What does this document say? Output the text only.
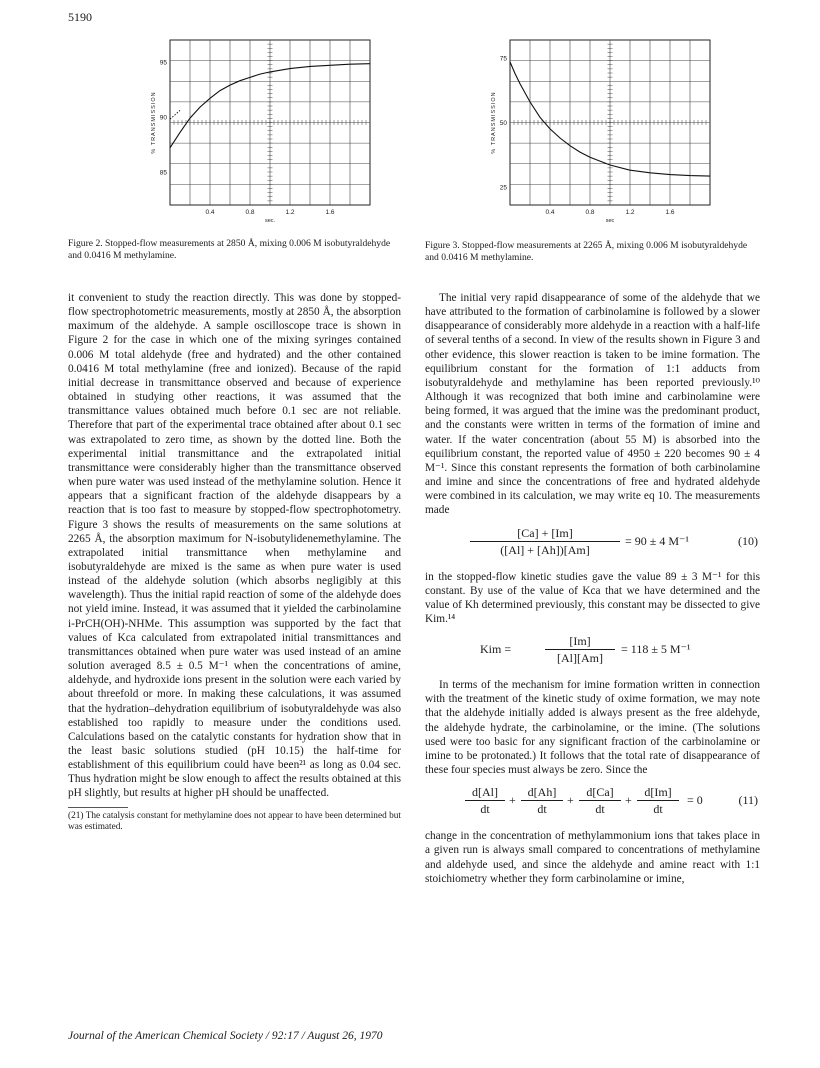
5190
0.4	0.8	1.2	1.6
sec.
95
90
85
% TRANSMISSION
Figure 2. Stopped-flow measurements at 2850 Å, mixing 0.006 M isobutyraldehyde and 0.0416 M methylamine.
0.4	0.8	1.2	1.6
sec
75
50
25
% TRANSMISSION
Figure 3. Stopped-flow measurements at 2265 Å, mixing 0.006 M isobutyraldehyde and 0.0416 M methylamine.

it convenient to study the reaction directly. This was done by stopped-flow spectrophotometric measurements, mostly at 2850 Å, the absorption maximum of the aldehyde. A sample oscilloscope trace is shown in Figure 2 for the case in which one of the mixing syringes contained 0.006 M total aldehyde (free and hydrated) and the other contained 0.0416 M total methylamine (free and ionized). Because of the rapid initial decrease in transmittance observed and because of experience obtained in studying other reactions, it was assumed that the transmittance values obtained much before 0.1 sec are not reliable. Therefore that part of the experimental trace obtained after about 0.1 sec was extrapolated to zero time, as shown by the dotted line. Both the experimental initial transmittance and the extrapolated initial transmittance were considerably higher than the transmittance observed when pure water was used instead of the methylamine solution. Hence it appears that a significant fraction of the aldehyde disappears by a reaction that is too fast to measure by stopped-flow spectrophotometry. Figure 3 shows the results of measurements on the same solutions at 2265 Å, the absorption maximum for N-isobutylidenemethylamine. The extrapolated initial transmittance when methylamine and isobutyraldehyde are mixed is the same as when pure water is used instead of the aldehyde solution (which absorbs negligibly at this wavelength). Thus the initial rapid reaction of some of the aldehyde does not yield imine. Instead, it was assumed that it yielded the carbinolamine i-PrCH(OH)-NHMe. This assumption was supported by the fact that values of Kca calculated from extrapolated initial transmittances and transmittances obtained when pure water was used instead of an amine solution averaged 8.5 ± 0.5 M⁻¹ when the concentrations of amine, aldehyde, and hydroxide ions present in the solution were each varied by about threefold or more. In making these calculations, it was assumed that the hydration–dehydration equilibrium of isobutyraldehyde was also established too rapidly to measure under the conditions used. Calculations based on the catalytic constants for hydration show that in the least basic solutions studied (pH 10.15) the half-time for establishment of this equilibrium could have been²¹ as long as 0.04 sec. Thus hydration might be slow enough to affect the results obtained at this pH slightly, but results at higher pH should be unaffected.

(21) The catalysis constant for methylamine does not appear to have been determined but was estimated.

The initial very rapid disappearance of some of the aldehyde that we have attributed to the formation of carbinolamine is followed by a slower disappearance of considerably more aldehyde in a reaction with a half-life of several tenths of a second. In view of the results shown in Figure 3 and other evidence, this slower reaction is taken to be imine formation. The equilibrium constant for the formation of 1:1 adducts from isobutyraldehyde and methylamine has been reported previously.¹⁰ Although it was recognized that both imine and carbinolamine were being formed, it was argued that the imine was the predominant product, and the constants were written in terms of the formation of imine and water. If the water concentration (about 55 M) is absorbed into the equilibrium constant, the reported value of 4950 ± 220 becomes 90 ± 4 M⁻¹. Since this constant represents the formation of both carbinolamine and imine and since the concentrations of free and hydrated aldehyde were combined in its calculation, we may write eq 10. The measurements made

[Ca] + [Im]
([Al] + [Ah])[Am]
= 90 ± 4 M⁻¹	(10)

in the stopped-flow kinetic studies gave the value 89 ± 3 M⁻¹ for this constant. By use of the value of Kca that we have determined and the value of Kh determined previously, this constant may be dissected to give Kim.¹⁴

Kim =
[Im]
[Al][Am]
= 118 ± 5 M⁻¹

In terms of the mechanism for imine formation written in connection with the treatment of the kinetic study of oxime formation, we may note that the aldehyde initially added is always present as the free aldehyde, the aldehyde hydrate, the carbinolamine, or the imine. (The solutions used were too basic for any significant fraction of the carbinolamine or imine to be protonated.) It follows that the total rate of disappearance of these four species must always be zero. Since the

d[Al]
dt
+
d[Ah]
dt
+
d[Ca]
dt
+
d[Im]
dt
= 0	(11)

change in the concentration of methylammonium ions that takes place in a given run is always small compared to concentrations of methylamine and aldehyde used, and since the aldehyde and amine react with 1:1 stoichiometry whether they form carbinolamine or imine,

Journal of the American Chemical Society / 92:17 / August 26, 1970
